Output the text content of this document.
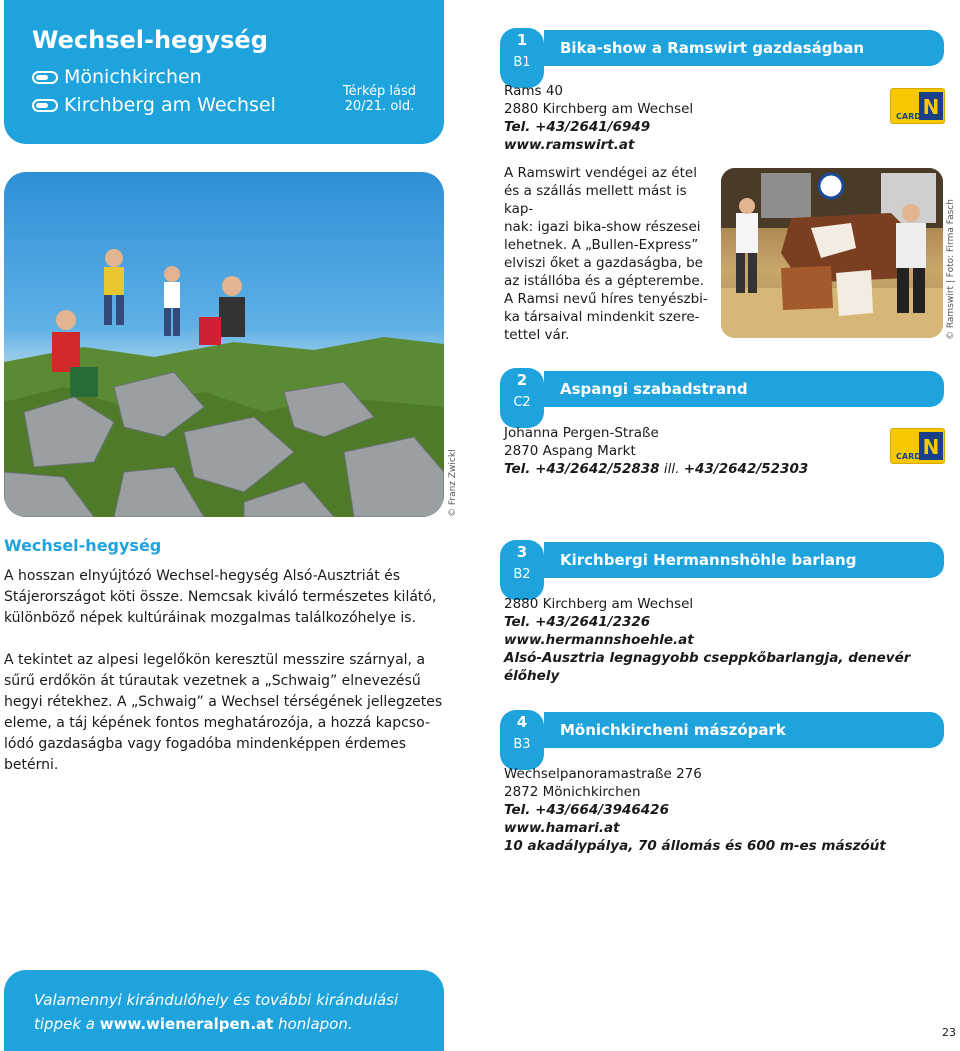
Wechsel-hegység
Mönichkirchen
Kirchberg am Wechsel
Térkép lásd
20/21. old.
© Franz Zwickl
© Ramswirt | Foto: Firma Fasch
1
B1
Bika-show a Ramswirt gazdaságban
Rams 40
2880 Kirchberg am Wechsel
Tel. +43/2641/6949
www.ramswirt.at
N
CARD
A Ramswirt vendégei az étel
és a szállás mellett mást is kap-
nak: igazi bika-show részesei
lehetnek. A „Bullen-Express”
elviszi őket a gazdaságba, be
az istállóba és a gépterembe.
A Ramsi nevű híres tenyészbi-
ka társaival mindenkit szere-
tettel vár.
2
C2
Aspangi szabadstrand
Johanna Pergen-Straße
2870 Aspang Markt
Tel. +43/2642/52838 ill. +43/2642/52303
N
CARD
Wechsel-hegység
A hosszan elnyújtózó Wechsel-hegység Alsó-Ausztriát és
Stájerországot köti össze. Nemcsak kiváló természetes kilátó,
különböző népek kultúráinak mozgalmas találkozóhelye is.
A tekintet az alpesi legelőkön keresztül messzire szárnyal, a
sűrű erdőkön át túrautak vezetnek a „Schwaig” elnevezésű
hegyi rétekhez. A „Schwaig” a Wechsel térségének jellegzetes
eleme, a táj képének fontos meghatározója, a hozzá kapcso-
lódó gazdaságba vagy fogadóba mindenképpen érdemes
betérni.
3
B2
Kirchbergi Hermannshöhle barlang
2880 Kirchberg am Wechsel
Tel. +43/2641/2326
www.hermannshoehle.at
Alsó-Ausztria legnagyobb cseppkőbarlangja, denevér élőhely
4
B3
Mönichkircheni mászópark
Wechselpanoramastraße 276
2872 Mönichkirchen
Tel. +43/664/3946426
www.hamari.at
10 akadálypálya, 70 állomás és 600 m-es mászóút
Valamennyi kirándulóhely és további kirándulási
tippek a www.wieneralpen.at honlapon.	23
